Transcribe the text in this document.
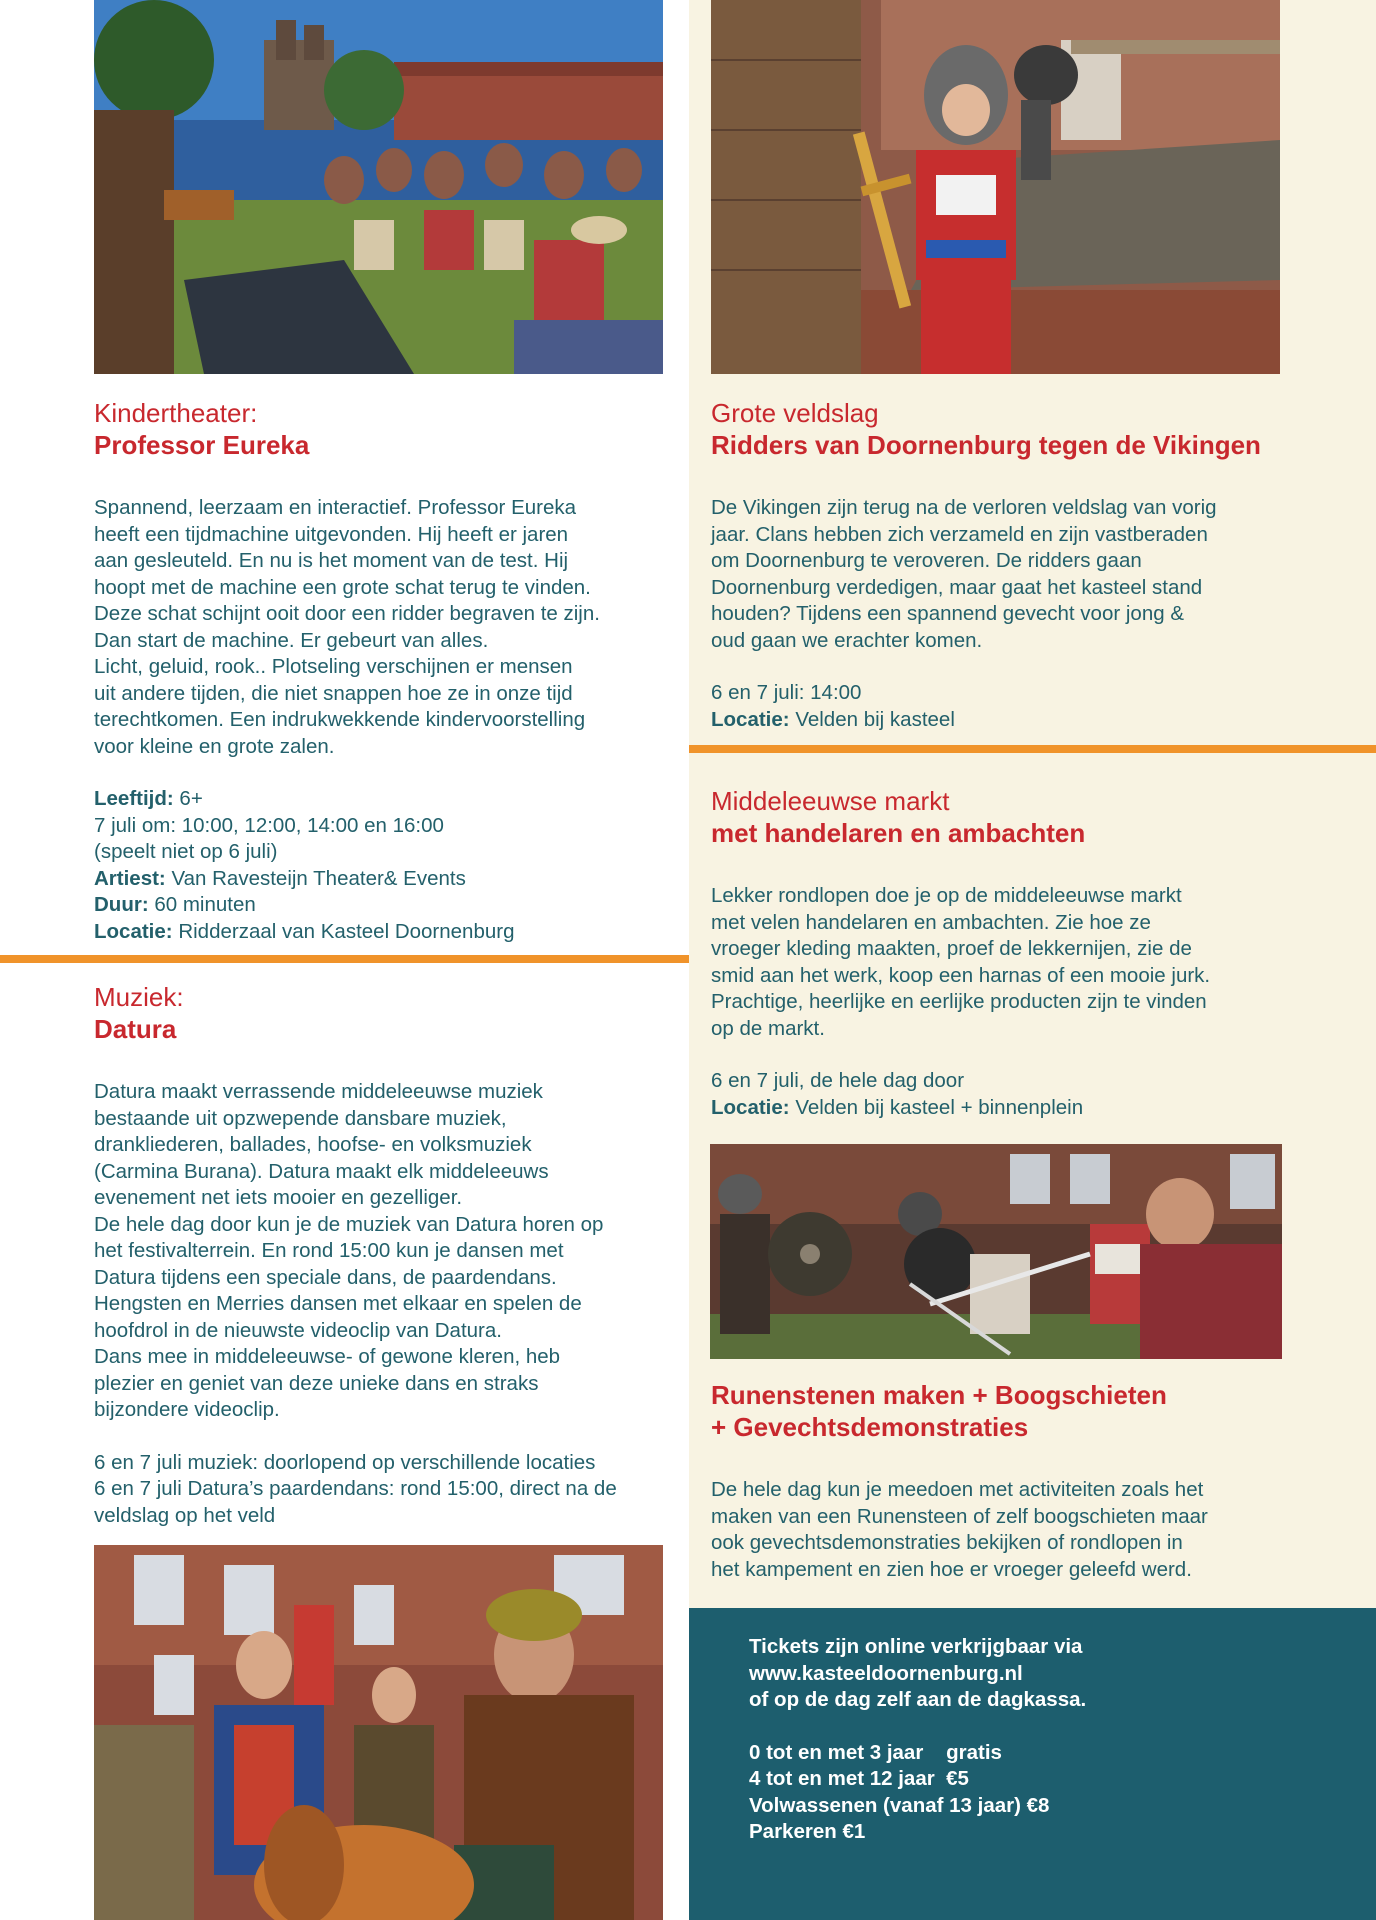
Kindertheater:
Professor Eureka
Spannend, leerzaam en interactief. Professor Eureka
heeft een tijdmachine uitgevonden. Hij heeft er jaren
aan gesleuteld. En nu is het moment van de test. Hij
hoopt met de machine een grote schat terug te vinden.
Deze schat schijnt ooit door een ridder begraven te zijn.
Dan start de machine. Er gebeurt van alles.
Licht, geluid, rook.. Plotseling verschijnen er mensen
uit andere tijden, die niet snappen hoe ze in onze tijd
terechtkomen. Een indrukwekkende kindervoorstelling
voor kleine en grote zalen.
Leeftijd: 6+
7 juli om: 10:00, 12:00, 14:00 en 16:00
(speelt niet op 6 juli)
Artiest: Van Ravesteijn Theater& Events
Duur: 60 minuten
Locatie: Ridderzaal van Kasteel Doornenburg
Muziek:
Datura
Datura maakt verrassende middeleeuwse muziek
bestaande uit opzwepende dansbare muziek,
drankliederen, ballades, hoofse- en volksmuziek
(Carmina Burana). Datura maakt elk middeleeuws
evenement net iets mooier en gezelliger.
De hele dag door kun je de muziek van Datura horen op
het festivalterrein. En rond 15:00 kun je dansen met
Datura tijdens een speciale dans, de paardendans.
Hengsten en Merries dansen met elkaar en spelen de
hoofdrol in de nieuwste videoclip van Datura.
Dans mee in middeleeuwse- of gewone kleren, heb
plezier en geniet van deze unieke dans en straks
bijzondere videoclip.
6 en 7 juli muziek: doorlopend op verschillende locaties
6 en 7 juli Datura’s paardendans: rond 15:00, direct na de
veldslag op het veld
Grote veldslag
Ridders van Doornenburg tegen de Vikingen
De Vikingen zijn terug na de verloren veldslag van vorig
jaar. Clans hebben zich verzameld en zijn vastberaden
om Doornenburg te veroveren. De ridders gaan
Doornenburg verdedigen, maar gaat het kasteel stand
houden? Tijdens een spannend gevecht voor jong &
oud gaan we erachter komen.
6 en 7 juli: 14:00
Locatie: Velden bij kasteel
Middeleeuwse markt
met handelaren en ambachten
Lekker rondlopen doe je op de middeleeuwse markt
met velen handelaren en ambachten. Zie hoe ze
vroeger kleding maakten, proef de lekkernijen, zie de
smid aan het werk, koop een harnas of een mooie jurk.
Prachtige, heerlijke en eerlijke producten zijn te vinden
op de markt.
6 en 7 juli, de hele dag door
Locatie: Velden bij kasteel + binnenplein
Runenstenen maken + Boogschieten
+ Gevechtsdemonstraties
De hele dag kun je meedoen met activiteiten zoals het
maken van een Runensteen of zelf boogschieten maar
ook gevechtsdemonstraties bekijken of rondlopen in
het kampement en zien hoe er vroeger geleefd werd.
Tickets zijn online verkrijgbaar via
www.kasteeldoornenburg.nl
of op de dag zelf aan de dagkassa.
0 tot en met 3 jaar    gratis
4 tot en met 12 jaar  €5
Volwassenen (vanaf 13 jaar) €8
Parkeren €1
